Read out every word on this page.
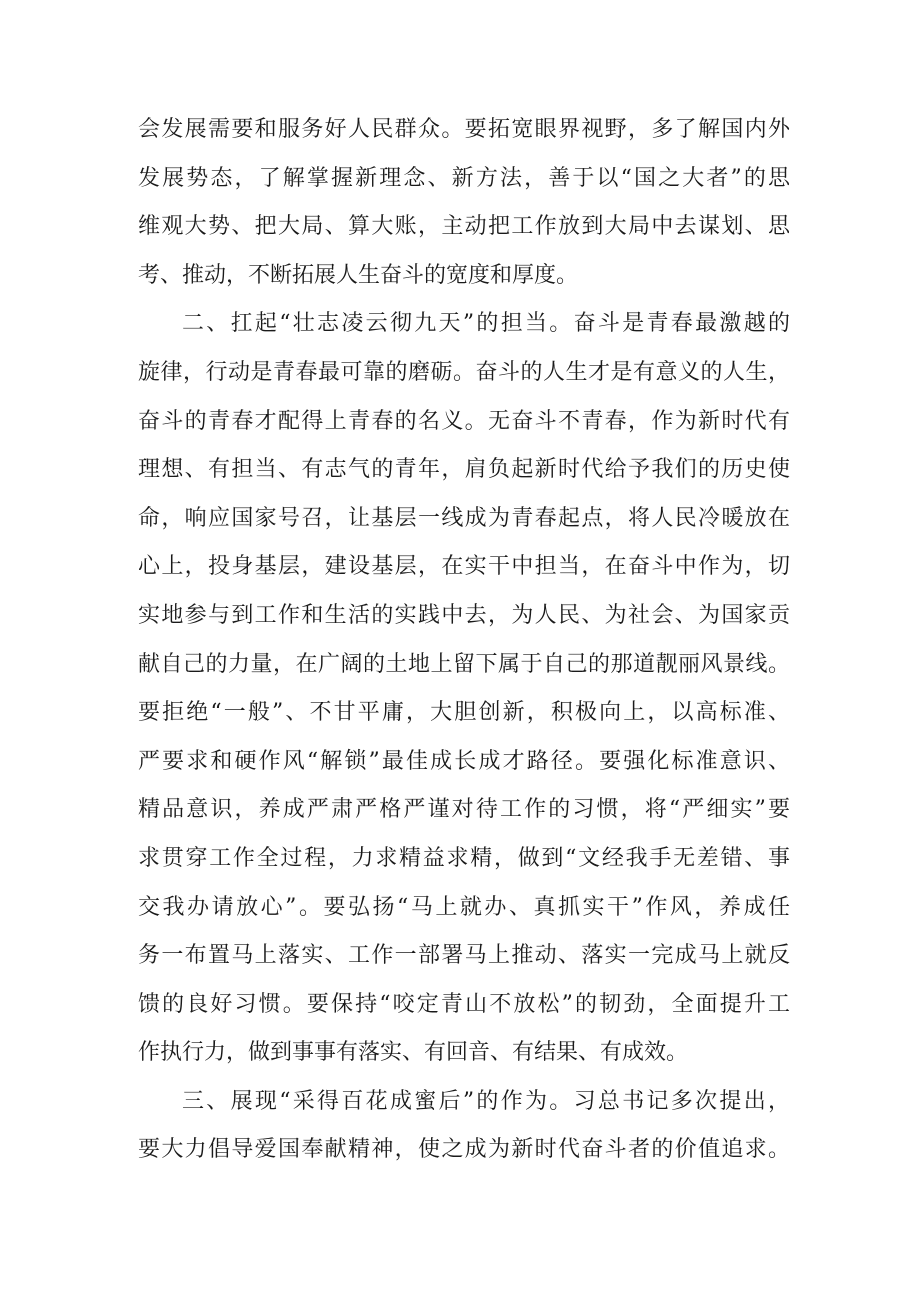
会发展需要和服务好人民群众。要拓宽眼界视野，多了解国内外
发展势态，了解掌握新理念、新方法，善于以“国之大者”的思
维观大势、把大局、算大账，主动把工作放到大局中去谋划、思
考、推动，不断拓展人生奋斗的宽度和厚度。
二、扛起“壮志凌云彻九天”的担当。奋斗是青春最激越的
旋律，行动是青春最可靠的磨砺。奋斗的人生才是有意义的人生，
奋斗的青春才配得上青春的名义。无奋斗不青春，作为新时代有
理想、有担当、有志气的青年，肩负起新时代给予我们的历史使
命，响应国家号召，让基层一线成为青春起点，将人民冷暖放在
心上，投身基层，建设基层，在实干中担当，在奋斗中作为，切
实地参与到工作和生活的实践中去，为人民、为社会、为国家贡
献自己的力量，在广阔的土地上留下属于自己的那道靓丽风景线。
要拒绝“一般”、不甘平庸，大胆创新，积极向上，以高标准、
严要求和硬作风“解锁”最佳成长成才路径。要强化标准意识、
精品意识，养成严肃严格严谨对待工作的习惯，将“严细实”要
求贯穿工作全过程，力求精益求精，做到“文经我手无差错、事
交我办请放心”。要弘扬“马上就办、真抓实干”作风，养成任
务一布置马上落实、工作一部署马上推动、落实一完成马上就反
馈的良好习惯。要保持“咬定青山不放松”的韧劲，全面提升工
作执行力，做到事事有落实、有回音、有结果、有成效。
三、展现“采得百花成蜜后”的作为。习总书记多次提出，
要大力倡导爱国奉献精神，使之成为新时代奋斗者的价值追求。
